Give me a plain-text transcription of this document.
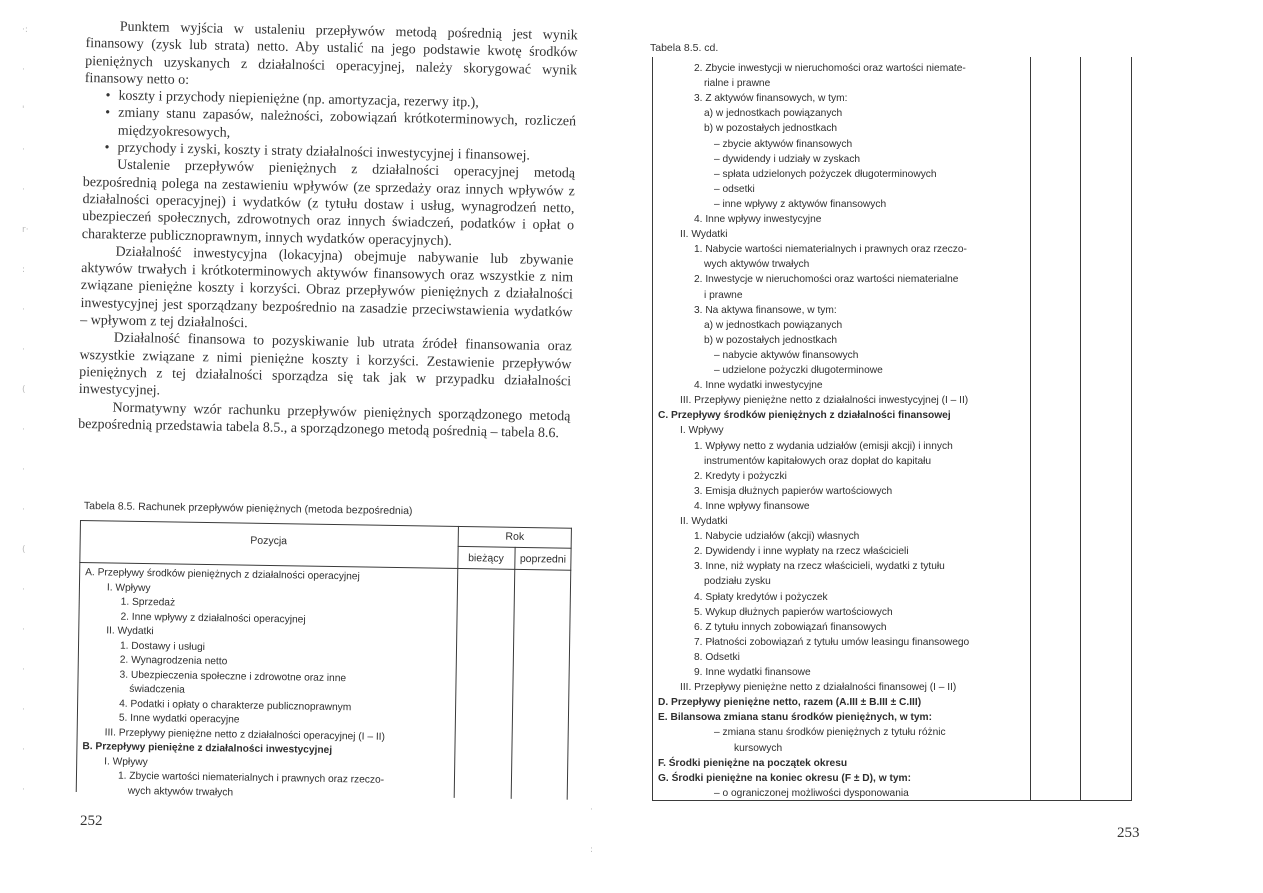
·:
·
'
·
·
r·
:
·
·
(
·
·
·
(
·
·
·
·
·
·

Punktem wyjścia w ustaleniu przepływów metodą pośrednią jest wynik finansowy (zysk lub strata) netto. Aby ustalić na jego podstawie kwotę środków pieniężnych uzyskanych z działalności operacyjnej, należy skorygować wynik finansowy netto o:

• koszty i przychody niepieniężne (np. amortyzacja, rezerwy itp.),
• zmiany stanu zapasów, należności, zobowiązań krótkoterminowych, rozliczeń międzyokresowych,
• przychody i zyski, koszty i straty działalności inwestycyjnej i finansowej.

Ustalenie przepływów pieniężnych z działalności operacyjnej metodą bezpośrednią polega na zestawieniu wpływów (ze sprzedaży oraz innych wpływów z działalności operacyjnej) i wydatków (z tytułu dostaw i usług, wynagrodzeń netto, ubezpieczeń społecznych, zdrowotnych oraz innych świadczeń, podatków i opłat o charakterze publicznoprawnym, innych wydatków operacyjnych).

Działalność inwestycyjna (lokacyjna) obejmuje nabywanie lub zbywanie aktywów trwałych i krótkoterminowych aktywów finansowych oraz wszystkie z nim związane pieniężne koszty i korzyści. Obraz przepływów pieniężnych z działalności inwestycyjnej jest sporządzany bezpośrednio na zasadzie przeciwstawienia wydatków – wpływom z tej działalności.

Działalność finansowa to pozyskiwanie lub utrata źródeł finansowania oraz wszystkie związane z nimi pieniężne koszty i korzyści. Zestawienie przepływów pieniężnych z tej działalności sporządza się tak jak w przypadku działalności inwestycyjnej.

Normatywny wzór rachunku przepływów pieniężnych sporządzonego metodą bezpośrednią przedstawia tabela 8.5., a sporządzonego metodą pośrednią – tabela 8.6.

Tabela 8.5. Rachunek przepływów pieniężnych (metoda bezpośrednia)
Pozycja	Rok
bieżący	poprzedni
A. Przepływy środków pieniężnych z działalności operacyjnej
I. Wpływy
1. Sprzedaż
2. Inne wpływy z działalności operacyjnej
II. Wydatki
1. Dostawy i usługi
2. Wynagrodzenia netto
3. Ubezpieczenia społeczne i zdrowotne oraz inne
świadczenia
4. Podatki i opłaty o charakterze publicznoprawnym
5. Inne wydatki operacyjne
III. Przepływy pieniężne netto z działalności operacyjnej (I – II)
B. Przepływy pieniężne z działalności inwestycyjnej
I. Wpływy
1. Zbycie wartości niematerialnych i prawnych oraz rzeczo-
wych aktywów trwałych
252
Tabela 8.5. cd.
2. Zbycie inwestycji w nieruchomości oraz wartości niemate-
rialne i prawne
3. Z aktywów finansowych, w tym:
a) w jednostkach powiązanych
b) w pozostałych jednostkach
– zbycie aktywów finansowych
– dywidendy i udziały w zyskach
– spłata udzielonych pożyczek długoterminowych
– odsetki
– inne wpływy z aktywów finansowych
4. Inne wpływy inwestycyjne
II. Wydatki
1. Nabycie wartości niematerialnych i prawnych oraz rzeczo-
wych aktywów trwałych
2. Inwestycje w nieruchomości oraz wartości niematerialne
i prawne
3. Na aktywa finansowe, w tym:
a) w jednostkach powiązanych
b) w pozostałych jednostkach
– nabycie aktywów finansowych
– udzielone pożyczki długoterminowe
4. Inne wydatki inwestycyjne
III. Przepływy pieniężne netto z działalności inwestycyjnej (I – II)
C. Przepływy środków pieniężnych z działalności finansowej
I. Wpływy
1. Wpływy netto z wydania udziałów (emisji akcji) i innych
instrumentów kapitałowych oraz dopłat do kapitału
2. Kredyty i pożyczki
3. Emisja dłużnych papierów wartościowych
4. Inne wpływy finansowe
II. Wydatki
1. Nabycie udziałów (akcji) własnych
2. Dywidendy i inne wypłaty na rzecz właścicieli
3. Inne, niż wypłaty na rzecz właścicieli, wydatki z tytułu
podziału zysku
4. Spłaty kredytów i pożyczek
5. Wykup dłużnych papierów wartościowych
6. Z tytułu innych zobowiązań finansowych
7. Płatności zobowiązań z tytułu umów leasingu finansowego
8. Odsetki
9. Inne wydatki finansowe
III. Przepływy pieniężne netto z działalności finansowej (I – II)
D. Przepływy pieniężne netto, razem (A.III ± B.III ± C.III)
E. Bilansowa zmiana stanu środków pieniężnych, w tym:
– zmiana stanu środków pieniężnych z tytułu różnic
kursowych
F. Środki pieniężne na początek okresu
G. Środki pieniężne na koniec okresu (F ± D), w tym:
– o ograniczonej możliwości dysponowania
·
:
253
